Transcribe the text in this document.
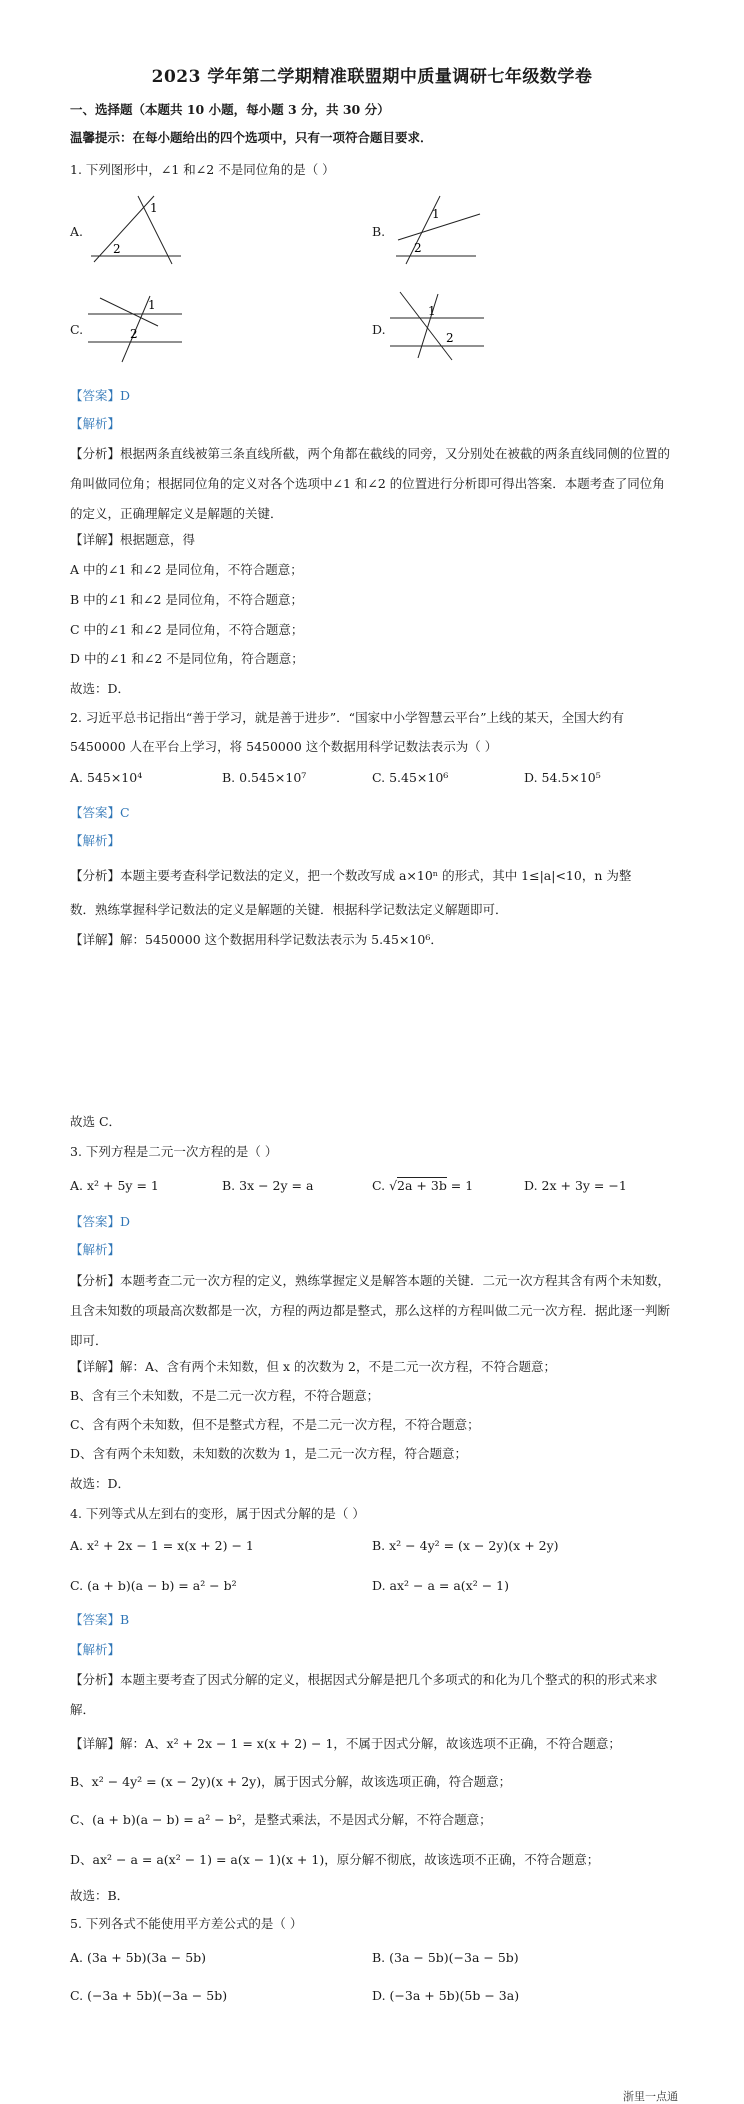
2023 学年第二学期精准联盟期中质量调研七年级数学卷
一、选择题（本题共 10 小题，每小题 3 分，共 30 分）
温馨提示：在每小题给出的四个选项中，只有一项符合题目要求．
1. 下列图形中，∠1 和∠2 不是同位角的是（ ）
A.
1
2
B.
1
2
C.
1
2	D.
1
2
【答案】D
【解析】
【分析】根据两条直线被第三条直线所截，两个角都在截线的同旁，又分别处在被截的两条直线同侧的位置的角叫做同位角；根据同位角的定义对各个选项中∠1 和∠2 的位置进行分析即可得出答案．本题考查了同位角的定义，正确理解定义是解题的关键．
【详解】根据题意，得
A 中的∠1 和∠2 是同位角，不符合题意；
B 中的∠1 和∠2 是同位角，不符合题意；
C 中的∠1 和∠2 是同位角，不符合题意；
D 中的∠1 和∠2 不是同位角，符合题意；
故选：D．
2. 习近平总书记指出“善于学习，就是善于进步”．“国家中小学智慧云平台”上线的某天，全国大约有
5450000 人在平台上学习，将 5450000 这个数据用科学记数法表示为（ ）
A. 545×10⁴	B. 0.545×10⁷	C. 5.45×10⁶	D. 54.5×10⁵
【答案】C
【解析】
【分析】本题主要考查科学记数法的定义，把一个数改写成 a×10ⁿ 的形式，其中 1≤|a|<10，n 为整
数．熟练掌握科学记数法的定义是解题的关键．根据科学记数法定义解题即可．
【详解】解：5450000 这个数据用科学记数法表示为 5.45×10⁶．
故选 C．
3. 下列方程是二元一次方程的是（ ）
A. x² + 5y = 1	B. 3x − 2y = a	C. √2a + 3b = 1	D. 2x + 3y = −1
【答案】D
【解析】
【分析】本题考查二元一次方程的定义，熟练掌握定义是解答本题的关键．二元一次方程其含有两个未知数，且含未知数的项最高次数都是一次，方程的两边都是整式，那么这样的方程叫做二元一次方程．据此逐一判断即可．
【详解】解：A、含有两个未知数，但 x 的次数为 2，不是二元一次方程，不符合题意；
B、含有三个未知数，不是二元一次方程，不符合题意；
C、含有两个未知数，但不是整式方程，不是二元一次方程，不符合题意；
D、含有两个未知数，未知数的次数为 1，是二元一次方程，符合题意；
故选：D．
4. 下列等式从左到右的变形，属于因式分解的是（ ）
A. x² + 2x − 1 = x(x + 2) − 1	B. x² − 4y² = (x − 2y)(x + 2y)
C. (a + b)(a − b) = a² − b²	D. ax² − a = a(x² − 1)
【答案】B
【解析】
【分析】本题主要考查了因式分解的定义，根据因式分解是把几个多项式的和化为几个整式的积的形式来求解．
【详解】解：A、x² + 2x − 1 = x(x + 2) − 1，不属于因式分解，故该选项不正确，不符合题意；
B、x² − 4y² = (x − 2y)(x + 2y)，属于因式分解，故该选项正确，符合题意；
C、(a + b)(a − b) = a² − b²，是整式乘法，不是因式分解，不符合题意；
D、ax² − a = a(x² − 1) = a(x − 1)(x + 1)，原分解不彻底，故该选项不正确，不符合题意；
故选：B．
5. 下列各式不能使用平方差公式的是（ ）
A. (3a + 5b)(3a − 5b)	B. (3a − 5b)(−3a − 5b)
C. (−3a + 5b)(−3a − 5b)	D. (−3a + 5b)(5b − 3a)
浙里一点通
